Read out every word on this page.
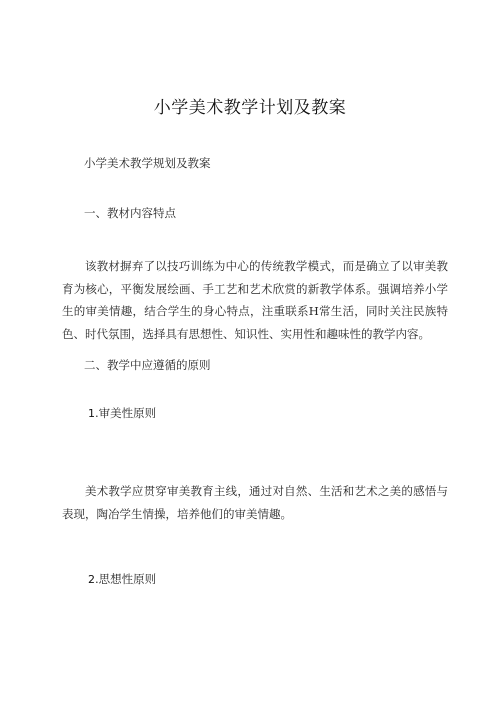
小学美术教学计划及教案
小学美术教学规划及教案
一、教材内容特点
该教材摒弃了以技巧训练为中心的传统教学模式，而是确立了以审美教育为核心，平衡发展绘画、手工艺和艺术欣赏的新教学体系。强调培养小学生的审美情趣，结合学生的身心特点，注重联系H常生活，同时关注民族特色、时代氛围，选择具有思想性、知识性、实用性和趣味性的教学内容。
二、教学中应遵循的原则
1.审美性原则
美术教学应贯穿审美教育主线，通过对自然、生活和艺术之美的感悟与表现，陶冶学生情操，培养他们的审美情趣。
2.思想性原则
